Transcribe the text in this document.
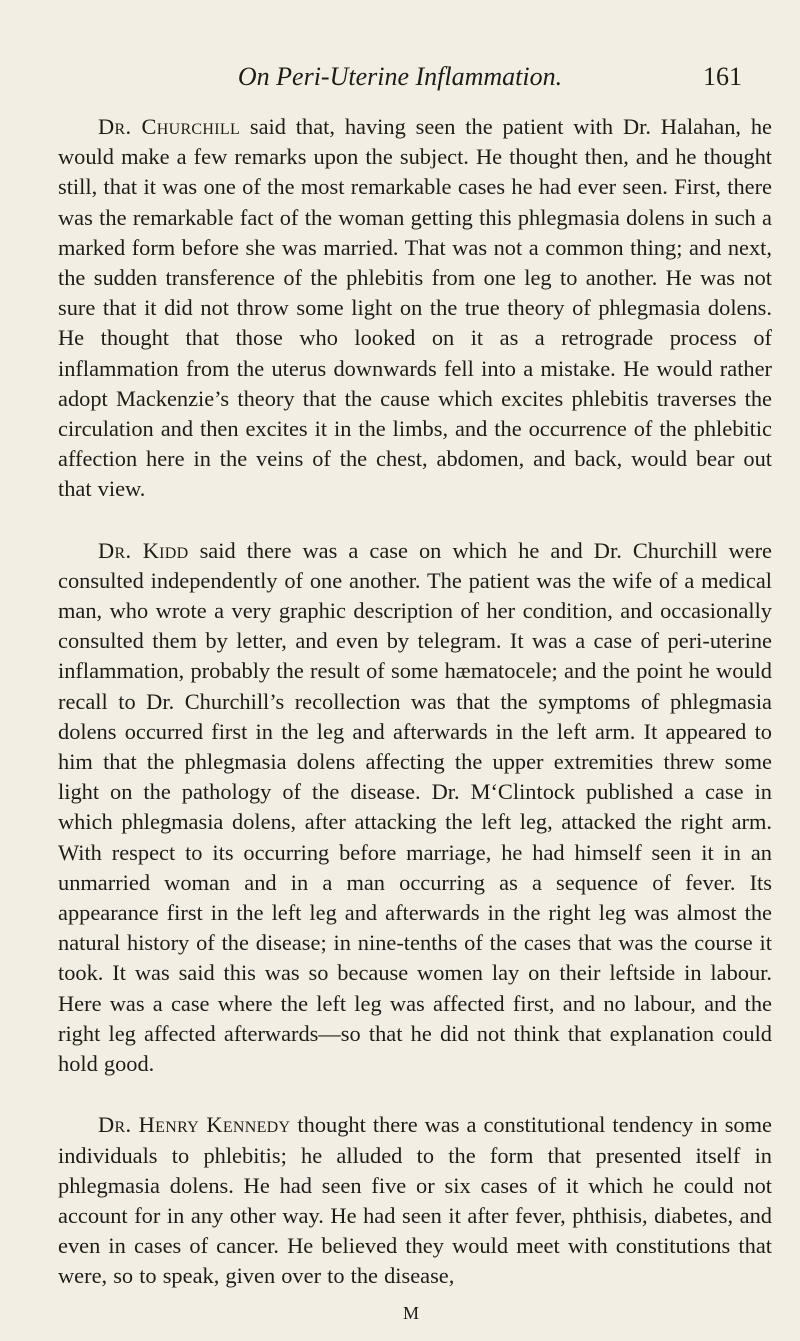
On Peri-Uterine Inflammation.	161

Dr. Churchill said that, having seen the patient with Dr. Halahan, he would make a few remarks upon the subject. He thought then, and he thought still, that it was one of the most remarkable cases he had ever seen. First, there was the remarkable fact of the woman getting this phlegmasia dolens in such a marked form before she was married. That was not a common thing; and next, the sudden transference of the phlebitis from one leg to another. He was not sure that it did not throw some light on the true theory of phlegmasia dolens. He thought that those who looked on it as a retrograde process of inflammation from the uterus downwards fell into a mistake. He would rather adopt Mackenzie’s theory that the cause which excites phlebitis traverses the circulation and then excites it in the limbs, and the occurrence of the phlebitic affection here in the veins of the chest, abdomen, and back, would bear out that view.

Dr. Kidd said there was a case on which he and Dr. Churchill were consulted independently of one another. The patient was the wife of a medical man, who wrote a very graphic description of her condition, and occasionally consulted them by letter, and even by telegram. It was a case of peri-uterine inflammation, probably the result of some hæmatocele; and the point he would recall to Dr. Churchill’s recollection was that the symptoms of phlegmasia dolens occurred first in the leg and afterwards in the left arm. It appeared to him that the phlegmasia dolens affecting the upper extremities threw some light on the pathology of the disease. Dr. M‘Clintock published a case in which phlegmasia dolens, after attacking the left leg, attacked the right arm. With respect to its occurring before marriage, he had himself seen it in an unmarried woman and in a man occurring as a sequence of fever. Its appearance first in the left leg and afterwards in the right leg was almost the natural history of the disease; in nine-tenths of the cases that was the course it took. It was said this was so because women lay on their leftside in labour. Here was a case where the left leg was affected first, and no labour, and the right leg affected afterwards—so that he did not think that explanation could hold good.

Dr. Henry Kennedy thought there was a constitutional tendency in some individuals to phlebitis; he alluded to the form that presented itself in phlegmasia dolens. He had seen five or six cases of it which he could not account for in any other way. He had seen it after fever, phthisis, diabetes, and even in cases of cancer. He believed they would meet with constitutions that were, so to speak, given over to the disease,

M
